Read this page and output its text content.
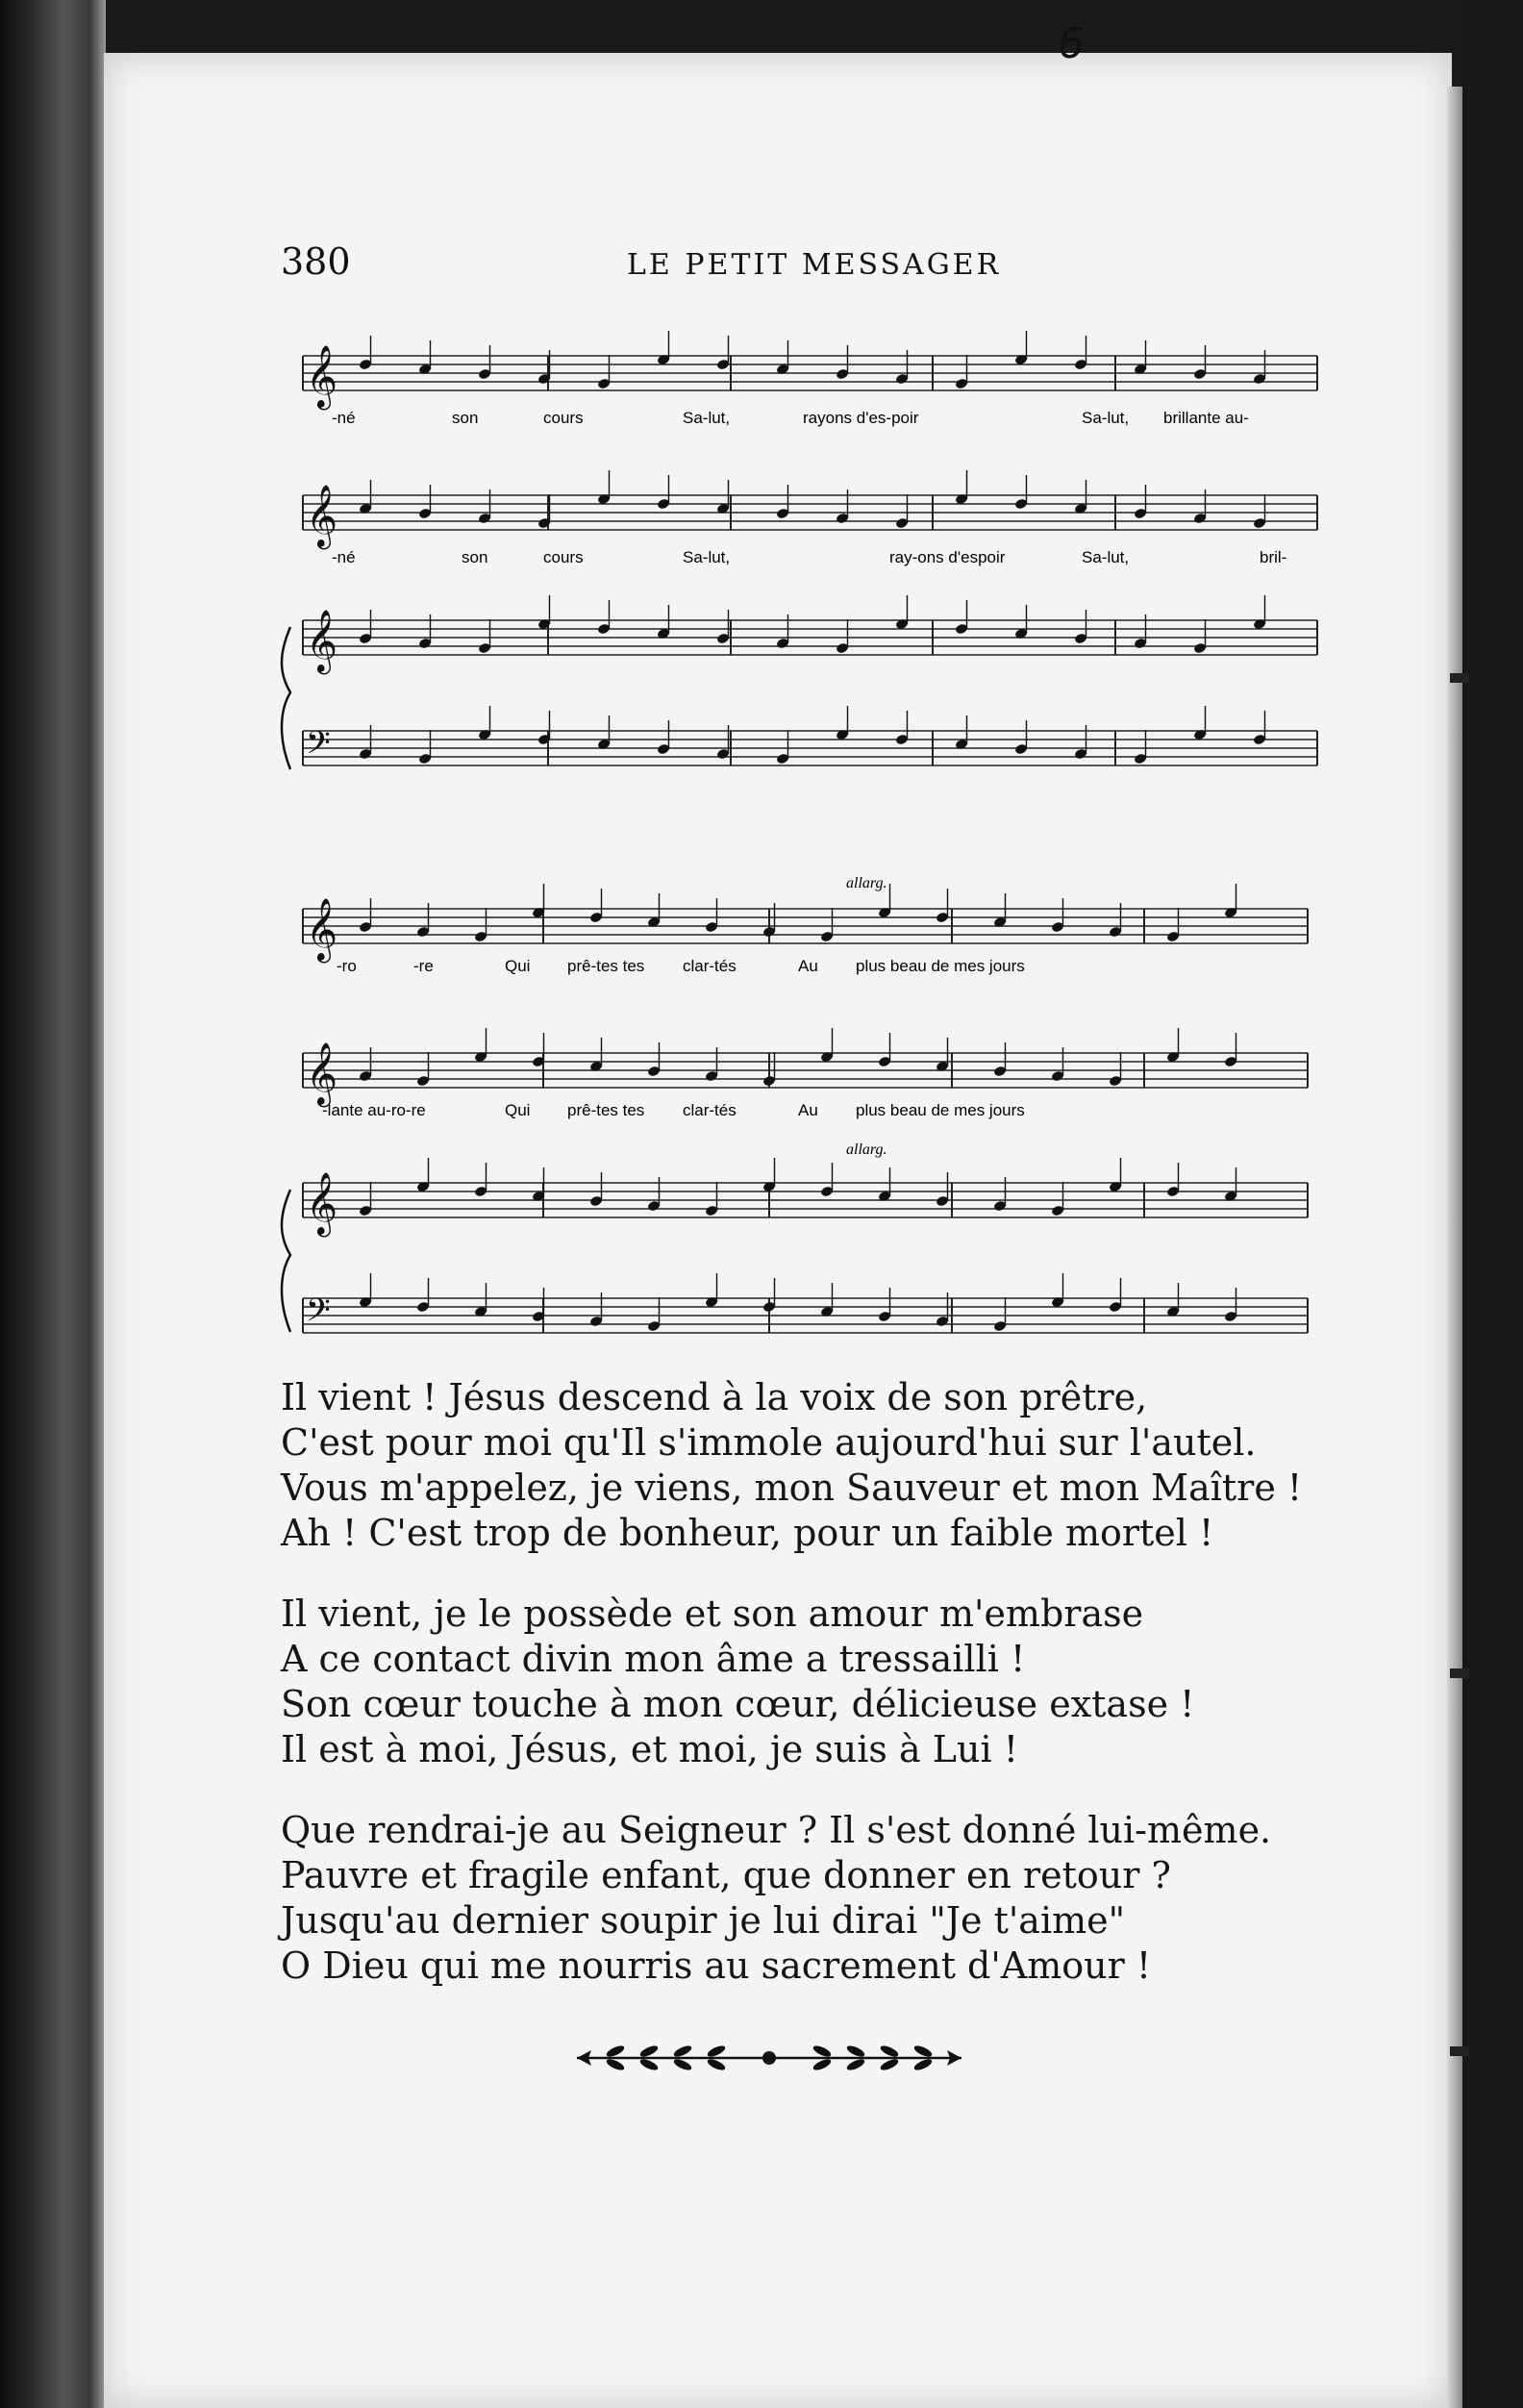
6
380	LE PETIT MESSAGER
-né	son	cours	Sa-lut,	rayons d'es-poir	Sa-lut, brillante au-
-né	son	cours	Sa-lut,	ray-ons d'espoir	Sa-lut,	bril-
𝄞
𝄞
𝄞
𝄢
allarg.
allarg.
-ro	-re	Qui prê-tes tes clar-tés	Au plus beau de mes jours
-lante au-ro-re	Qui prê-tes tes clar-tés	Au plus beau de mes jours
𝄞
𝄞
𝄞
𝄢
Il vient ! Jésus descend à la voix de son prêtre,
C'est pour moi qu'Il s'immole aujourd'hui sur l'autel.
Vous m'appelez, je viens, mon Sauveur et mon Maître !
Ah ! C'est trop de bonheur, pour un faible mortel !
Il vient, je le possède et son amour m'embrase
A ce contact divin mon âme a tressailli !
Son cœur touche à mon cœur, délicieuse extase !
Il est à moi, Jésus, et moi, je suis à Lui !
Que rendrai-je au Seigneur ? Il s'est donné lui-même.
Pauvre et fragile enfant, que donner en retour ?
Jusqu'au dernier soupir je lui dirai "Je t'aime"
O Dieu qui me nourris au sacrement d'Amour !
